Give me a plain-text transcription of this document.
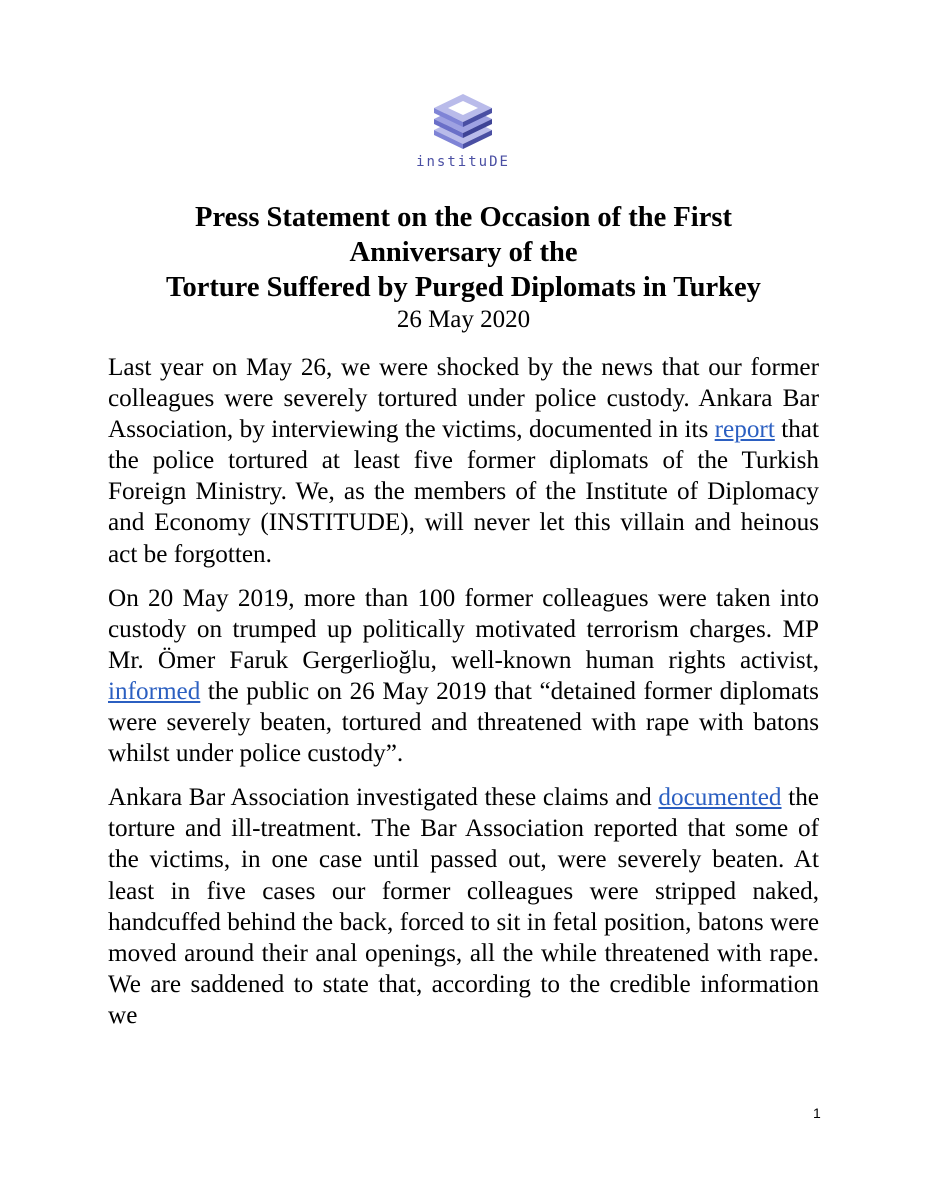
instituDE
Press Statement on the Occasion of the First
Anniversary of the
Torture Suffered by Purged Diplomats in Turkey
26 May 2020

Last year on May 26, we were shocked by the news that our former colleagues were severely tortured under police custody. Ankara Bar Association, by interviewing the victims, documented in its report that the police tortured at least five former diplomats of the Turkish Foreign Ministry. We, as the members of the Institute of Diplomacy and Economy (INSTITUDE), will never let this villain and heinous act be forgotten.

On 20 May 2019, more than 100 former colleagues were taken into custody on trumped up politically motivated terrorism charges. MP Mr. Ömer Faruk Gergerlioğlu, well-known human rights activist, informed the public on 26 May 2019 that “detained former diplomats were severely beaten, tortured and threatened with rape with batons whilst under police custody”.

Ankara Bar Association investigated these claims and documented the torture and ill-treatment. The Bar Association reported that some of the victims, in one case until passed out, were severely beaten. At least in five cases our former colleagues were stripped naked, handcuffed behind the back, forced to sit in fetal position, batons were moved around their anal openings, all the while threatened with rape. We are saddened to state that, according to the credible information we

1
